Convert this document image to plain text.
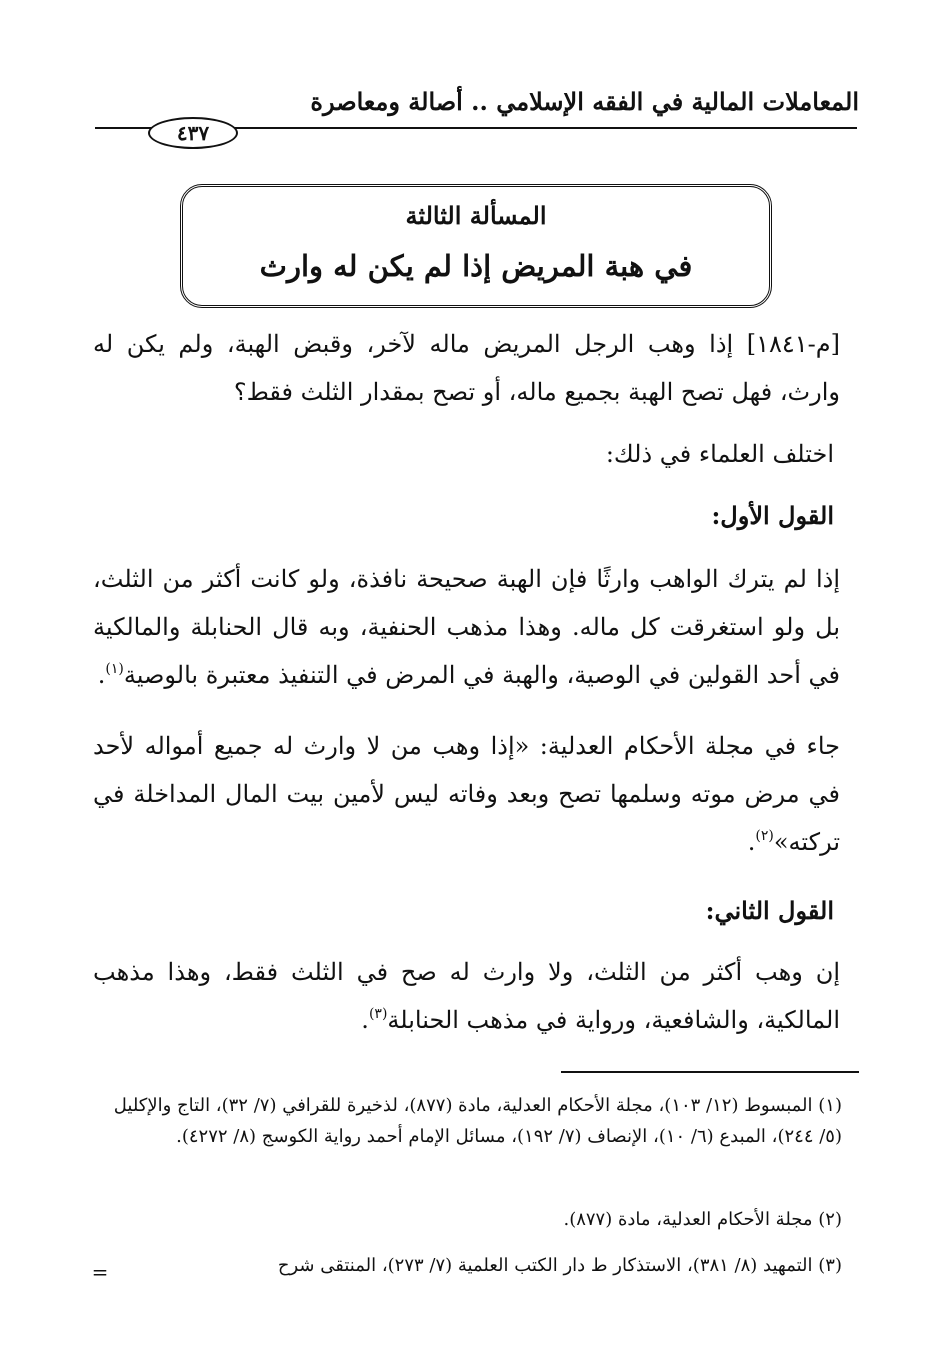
المعاملات المالية في الفقه الإسلامي .. أصالة ومعاصرة
٤٣٧
المسألة الثالثة
في هبة المريض إذا لم يكن له وارث

[م-١٨٤١] إذا وهب الرجل المريض ماله لآخر، وقبض الهبة، ولم يكن له وارث، فهل تصح الهبة بجميع ماله، أو تصح بمقدار الثلث فقط؟

اختلف العلماء في ذلك:
القول الأول:

إذا لم يترك الواهب وارثًا فإن الهبة صحيحة نافذة، ولو كانت أكثر من الثلث، بل ولو استغرقت كل ماله. وهذا مذهب الحنفية، وبه قال الحنابلة والمالكية في أحد القولين في الوصية، والهبة في المرض في التنفيذ معتبرة بالوصية$^{(١)}$.

جاء في مجلة الأحكام العدلية: «إذا وهب من لا وارث له جميع أمواله لأحد في مرض موته وسلمها تصح وبعد وفاته ليس لأمين بيت المال المداخلة في تركته»$^{(٢)}$.

القول الثاني:

إن وهب أكثر من الثلث، ولا وارث له صح في الثلث فقط، وهذا مذهب المالكية، والشافعية، ورواية في مذهب الحنابلة$^{(٣)}$.

(١) المبسوط (١٢/ ١٠٣)، مجلة الأحكام العدلية، مادة (٨٧٧)، لذخيرة للقرافي (٧/ ٣٢)، التاج والإكليل (٥/ ٢٤٤)، المبدع (٦/ ١٠)، الإنصاف (٧/ ١٩٢)، مسائل الإمام أحمد رواية الكوسج (٨/ ٤٢٧٢).
(٢) مجلة الأحكام العدلية، مادة (٨٧٧).
(٣) التمهيد (٨/ ٣٨١)، الاستذكار ط دار الكتب العلمية (٧/ ٢٧٣)، المنتقى شرح
=
